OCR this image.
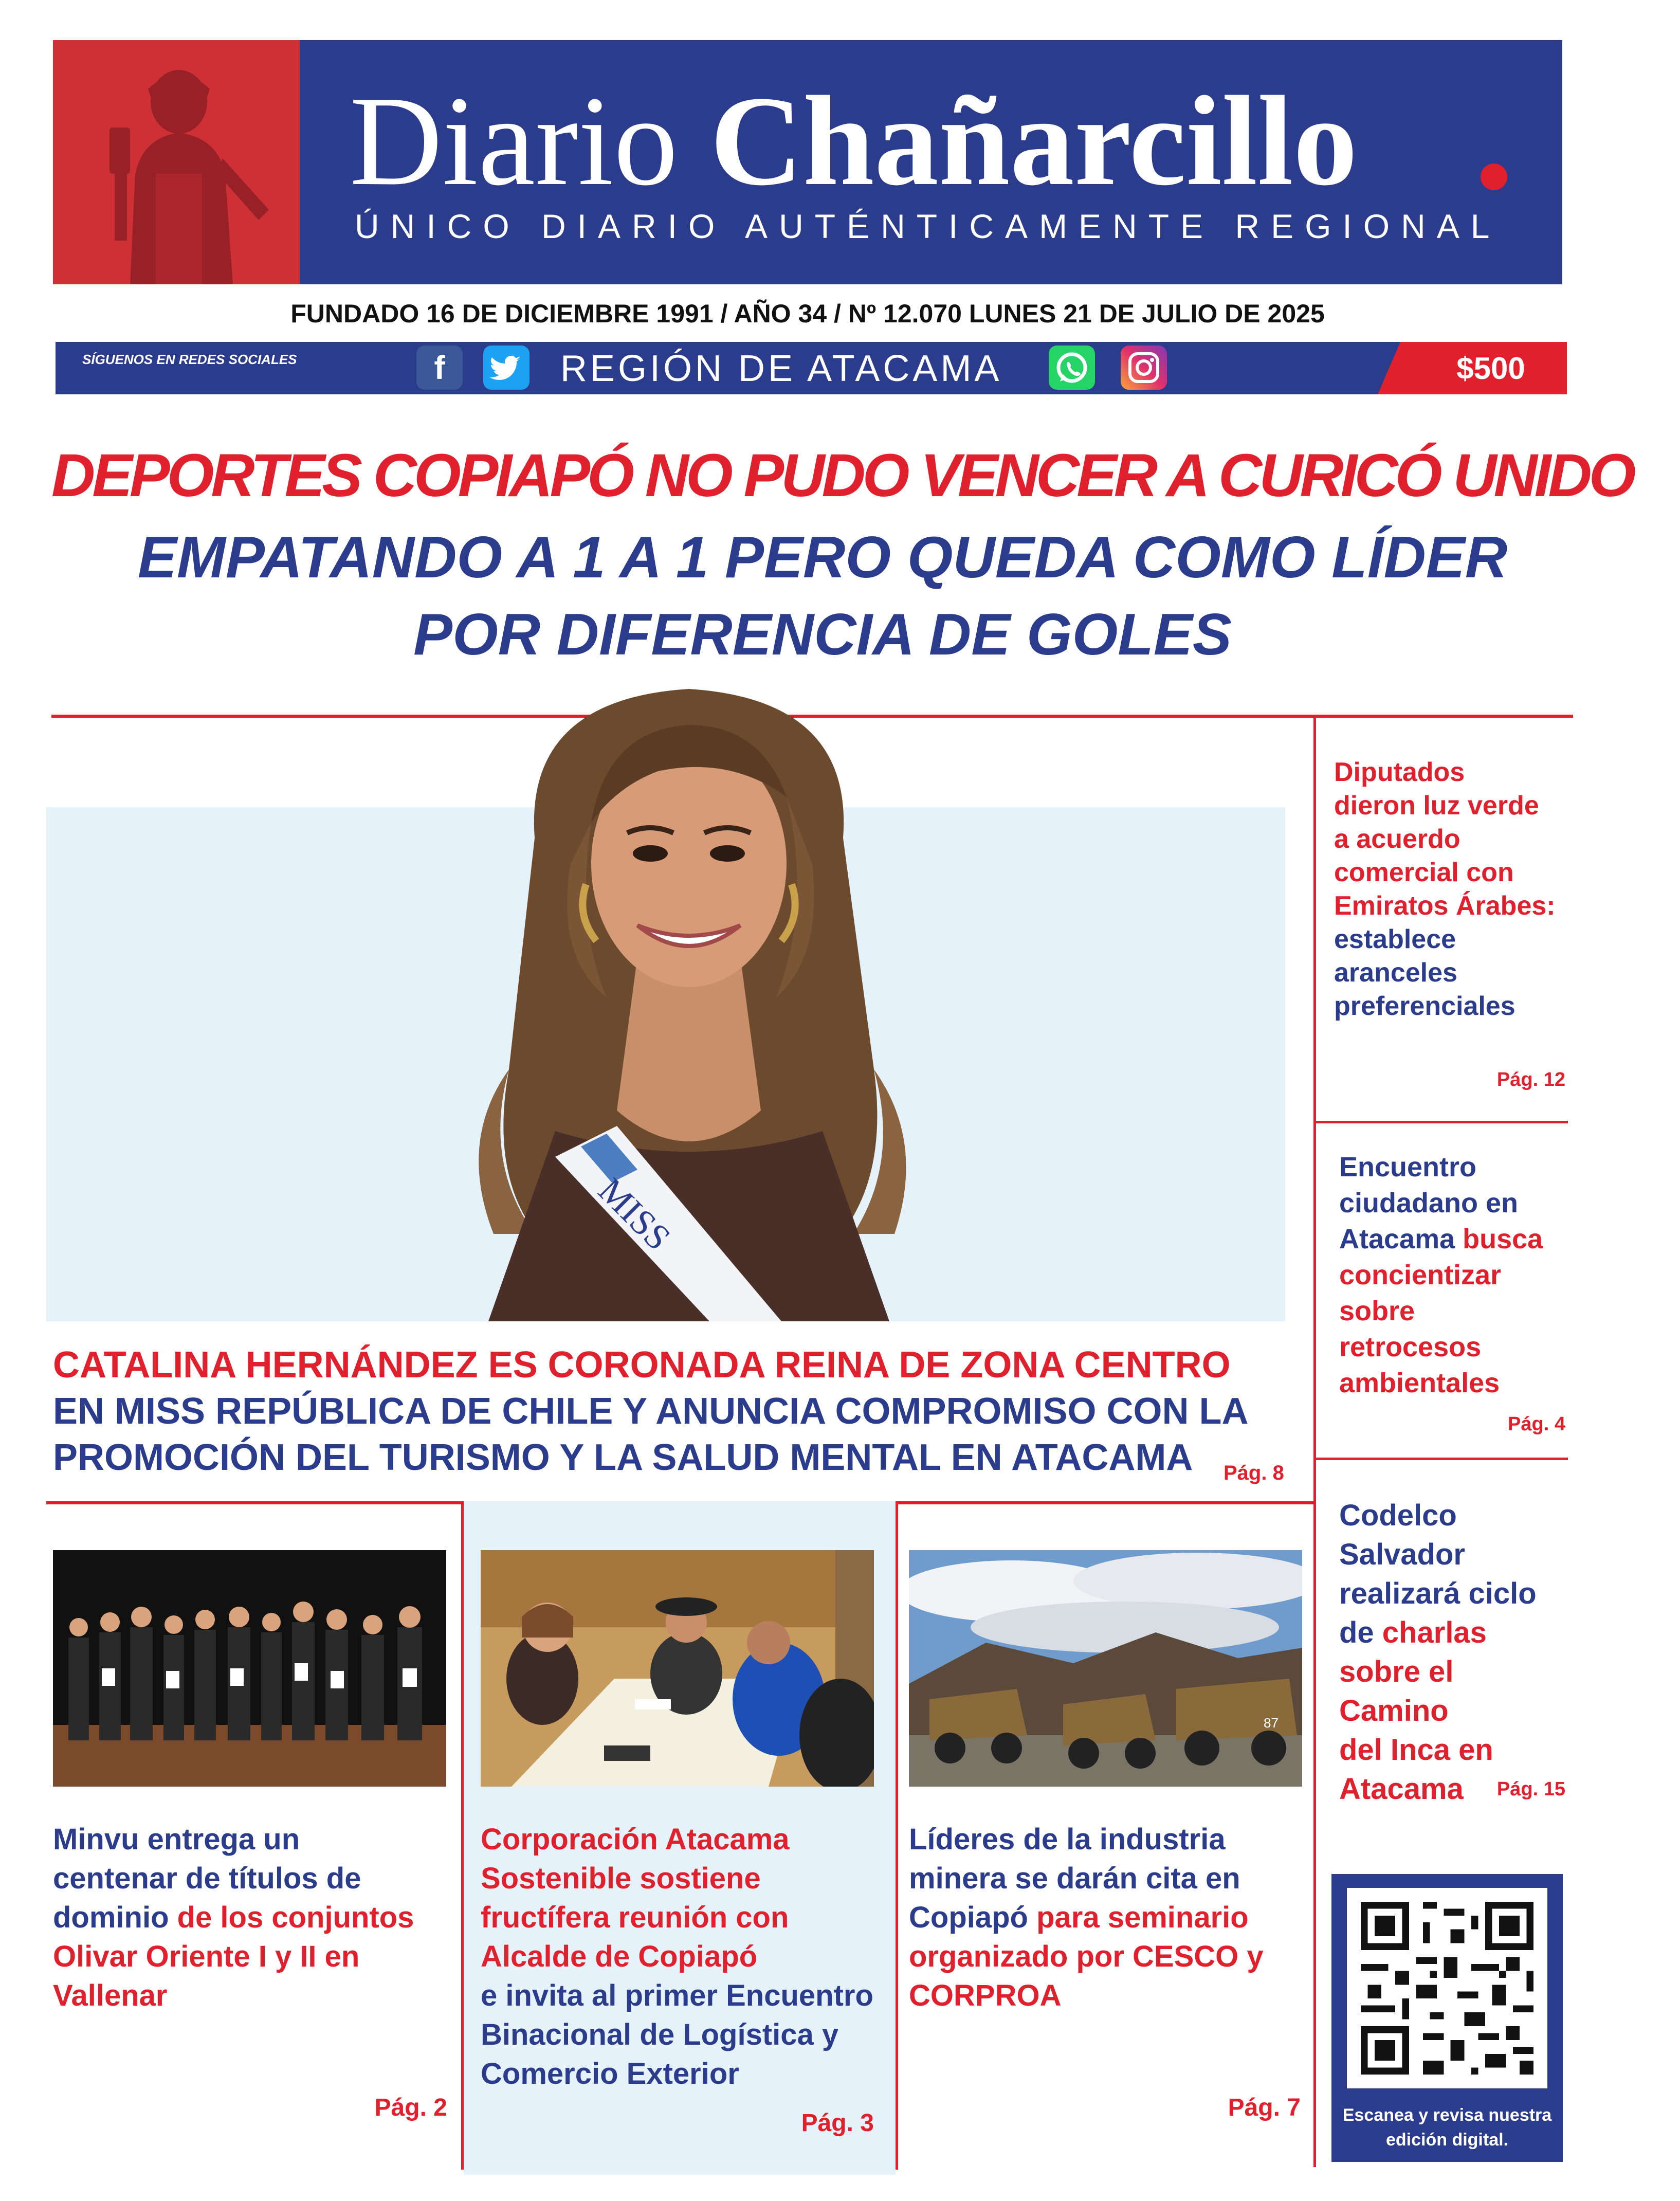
Diario Chañarcillo
ÚNICO DIARIO AUTÉNTICAMENTE REGIONAL
FUNDADO 16 DE DICIEMBRE 1991 / AÑO 34 / Nº 12.070 LUNES 21 DE JULIO DE 2025
SÍGUENOS EN REDES SOCIALES	f	REGIÓN DE ATACAMA	$500
DEPORTES COPIAPÓ NO PUDO VENCER A CURICÓ UNIDO
EMPATANDO A 1 A 1 PERO QUEDA COMO LÍDER
POR DIFERENCIA DE GOLES
MISS
CATALINA HERNÁNDEZ ES CORONADA REINA DE ZONA CENTRO
EN MISS REPÚBLICA DE CHILE Y ANUNCIA COMPROMISO CON LA
PROMOCIÓN DEL TURISMO Y LA SALUD MENTAL EN ATACAMA	Pág. 8
Diputados
dieron luz verde
a acuerdo
comercial con
Emiratos Árabes:
establece
aranceles
preferenciales
Pág. 12
Encuentro
ciudadano en
Atacama busca
concientizar
sobre
retrocesos
ambientales
Pág. 4
Codelco
Salvador
realizará ciclo
de charlas
sobre el Camino
del Inca en
Atacama	Pág. 15
Escanea y revisa nuestra
edición digital.
Minvu entrega un
centenar de títulos de
dominio de los conjuntos
Olivar Oriente I y II en
Vallenar
Pág. 2
Corporación Atacama
Sostenible sostiene
fructífera reunión con
Alcalde de Copiapó
e invita al primer Encuentro
Binacional de Logística y
Comercio Exterior
Pág. 3
87
Líderes de la industria
minera se darán cita en
Copiapó para seminario
organizado por CESCO y
CORPROA
Pág. 7
